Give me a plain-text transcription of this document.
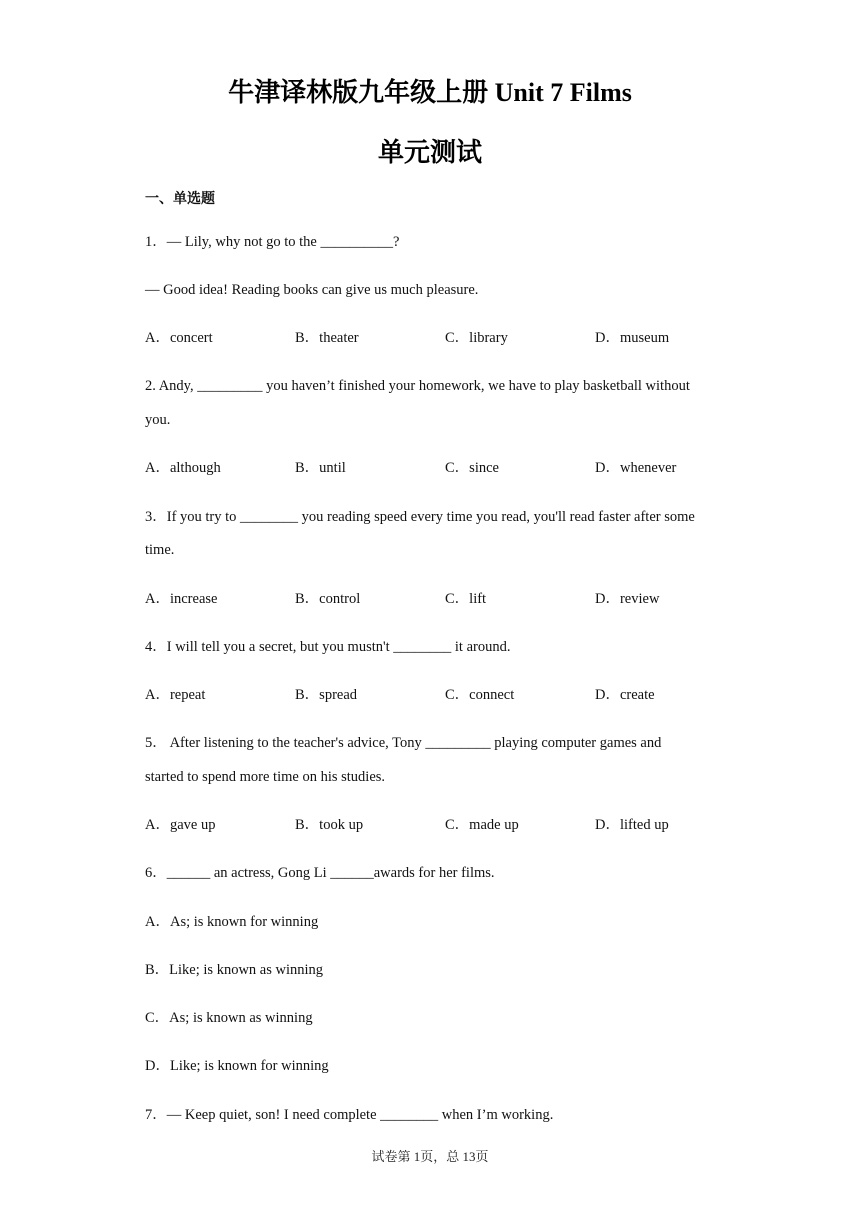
牛津译林版九年级上册 Unit 7 Films
单元测试
一、单选题
1．— Lily, why not go to the __________?
— Good idea! Reading books can give us much pleasure.
A．concert	B．theater	C．library	D．museum
2. Andy, _________ you haven’t finished your homework, we have to play basketball without
you.
A．although	B．until	C．since	D．whenever
3．If you try to ________ you reading speed every time you read, you'll read faster after some
time.
A．increase	B．control	C．lift	D．review
4．I will tell you a secret, but you mustn't ________ it around.
A．repeat	B．spread	C．connect	D．create
5． After listening to the teacher's advice, Tony _________ playing computer games and
started to spend more time on his studies.
A．gave up	B．took up	C．made up	D．lifted up
6．______ an actress, Gong Li ______awards for her films.
A．As; is known for winning
B．Like; is known as winning
C．As; is known as winning
D．Like; is known for winning
7．— Keep quiet, son! I need complete ________ when I’m working.
试卷第 1页，总 13页
